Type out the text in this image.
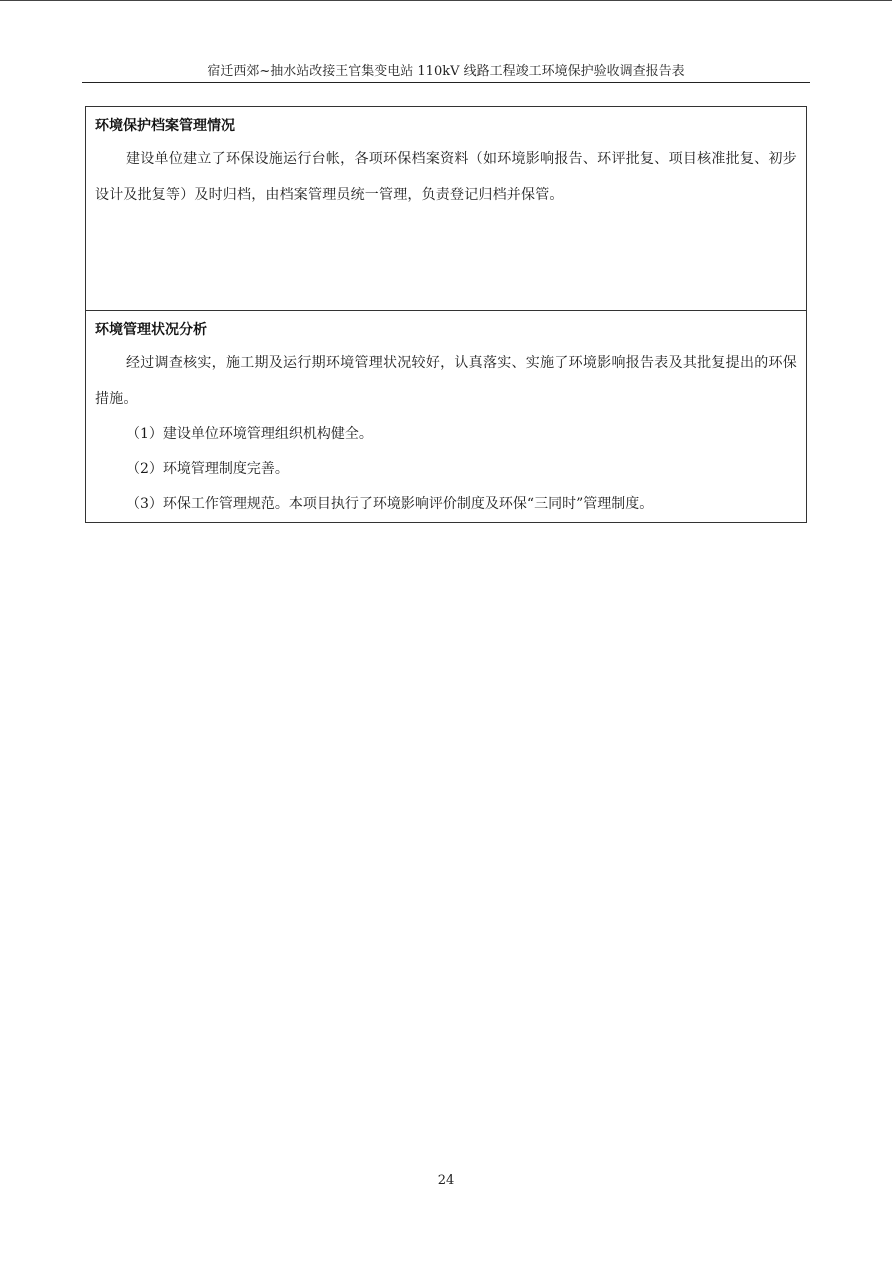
宿迁西郊~抽水站改接王官集变电站 110kV 线路工程竣工环境保护验收调查报告表

环境保护档案管理情况

建设单位建立了环保设施运行台帐，各项环保档案资料（如环境影响报告、环评批复、项目核准批复、初步设计及批复等）及时归档，由档案管理员统一管理，负责登记归档并保管。

环境管理状况分析

经过调查核实，施工期及运行期环境管理状况较好，认真落实、实施了环境影响报告表及其批复提出的环保措施。

（1）建设单位环境管理组织机构健全。

（2）环境管理制度完善。

（3）环保工作管理规范。本项目执行了环境影响评价制度及环保“三同时”管理制度。

24
